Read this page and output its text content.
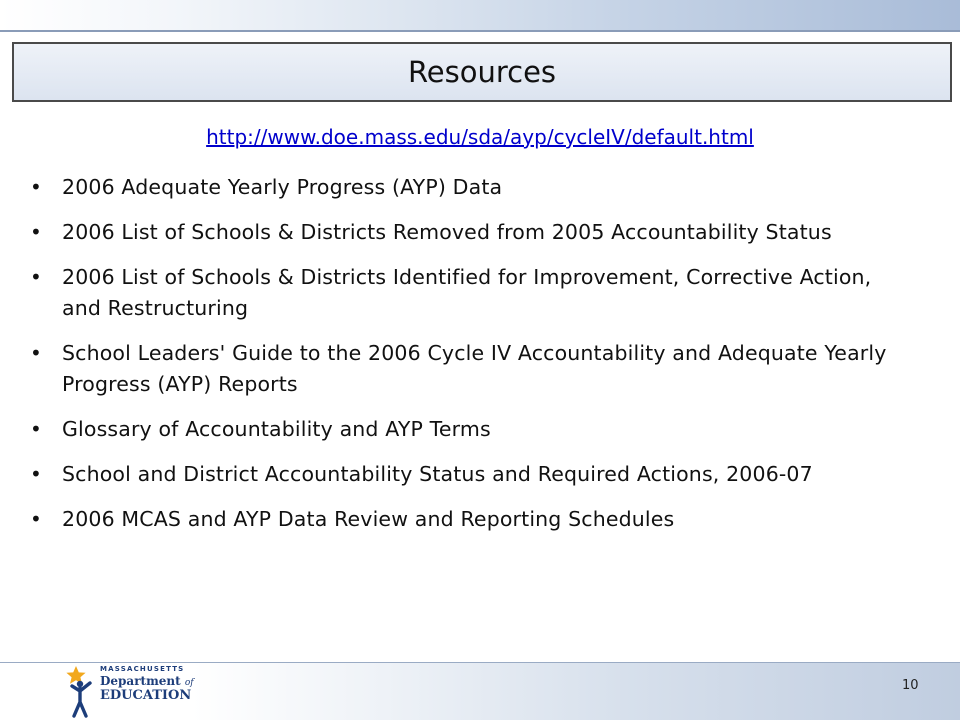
Resources
http://www.doe.mass.edu/sda/ayp/cycleIV/default.html
• 2006 Adequate Yearly Progress (AYP) Data
• 2006 List of Schools & Districts Removed from 2005 Accountability Status
• 2006 List of Schools & Districts Identified for Improvement, Corrective Action, and Restructuring
• School Leaders' Guide to the 2006 Cycle IV Accountability and Adequate Yearly Progress (AYP) Reports
• Glossary of Accountability and AYP Terms
• School and District Accountability Status and Required Actions, 2006-07
• 2006 MCAS and AYP Data Review and Reporting Schedules
MASSACHUSETTS
Department of
EDUCATION
10
